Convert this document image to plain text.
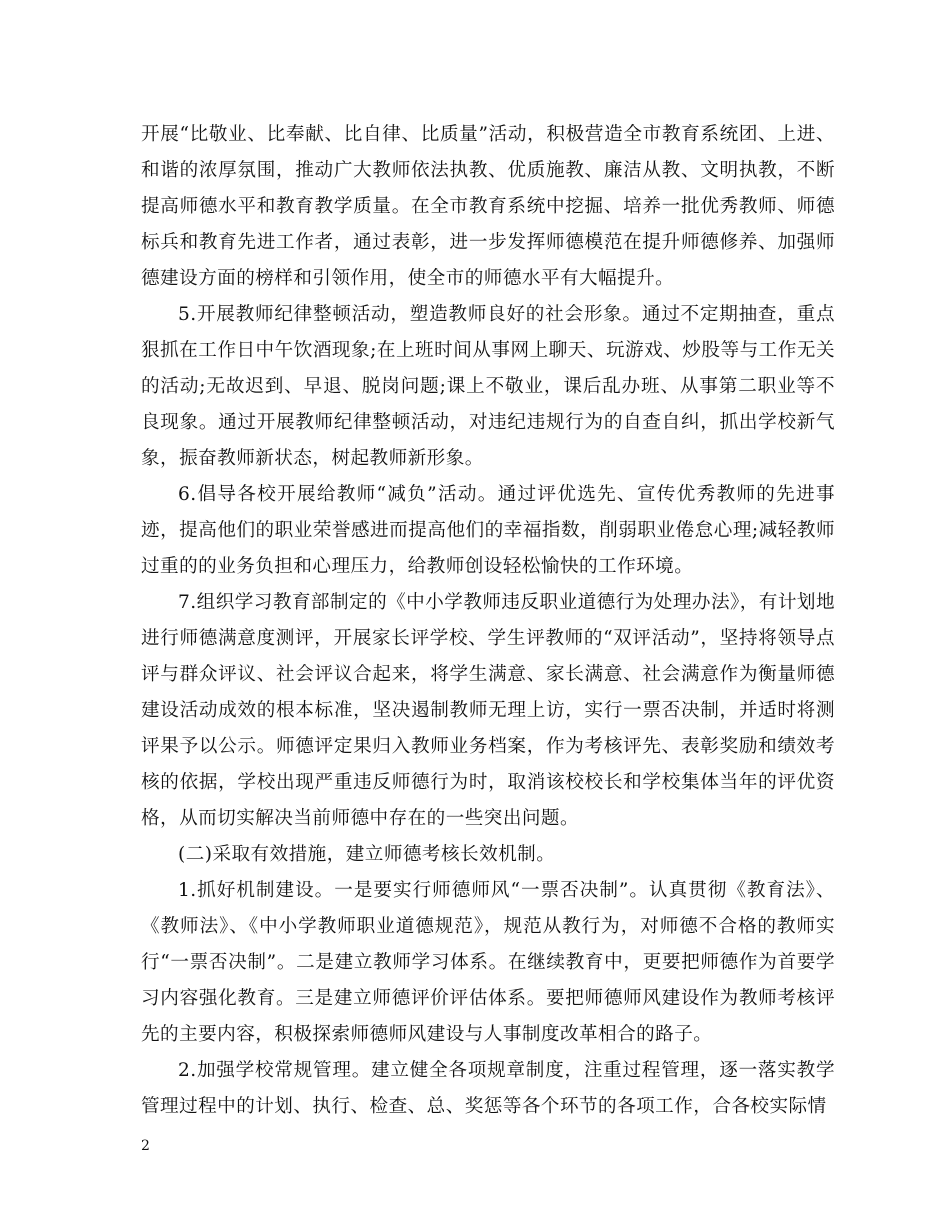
开展“比敬业、比奉献、比自律、比质量”活动，积极营造全市教育系统团、上进、和谐的浓厚氛围，推动广大教师依法执教、优质施教、廉洁从教、文明执教，不断提高师德水平和教育教学质量。在全市教育系统中挖掘、培养一批优秀教师、师德标兵和教育先进工作者，通过表彰，进一步发挥师德模范在提升师德修养、加强师德建设方面的榜样和引领作用，使全市的师德水平有大幅提升。

5.开展教师纪律整顿活动，塑造教师良好的社会形象。通过不定期抽查，重点狠抓在工作日中午饮酒现象;在上班时间从事网上聊天、玩游戏、炒股等与工作无关的活动;无故迟到、早退、脱岗问题;课上不敬业，课后乱办班、从事第二职业等不良现象。通过开展教师纪律整顿活动，对违纪违规行为的自查自纠，抓出学校新气象，振奋教师新状态，树起教师新形象。

6.倡导各校开展给教师“减负”活动。通过评优选先、宣传优秀教师的先进事迹，提高他们的职业荣誉感进而提高他们的幸福指数，削弱职业倦怠心理;减轻教师过重的的业务负担和心理压力，给教师创设轻松愉快的工作环境。

7.组织学习教育部制定的《中小学教师违反职业道德行为处理办法》，有计划地进行师德满意度测评，开展家长评学校、学生评教师的“双评活动”，坚持将领导点评与群众评议、社会评议合起来，将学生满意、家长满意、社会满意作为衡量师德建设活动成效的根本标准，坚决遏制教师无理上访，实行一票否决制，并适时将测评果予以公示。师德评定果归入教师业务档案，作为考核评先、表彰奖励和绩效考核的依据，学校出现严重违反师德行为时，取消该校校长和学校集体当年的评优资格，从而切实解决当前师德中存在的一些突出问题。

(二)采取有效措施，建立师德考核长效机制。

1.抓好机制建设。一是要实行师德师风“一票否决制”。认真贯彻《教育法》、《教师法》、《中小学教师职业道德规范》，规范从教行为，对师德不合格的教师实行“一票否决制”。二是建立教师学习体系。在继续教育中，更要把师德作为首要学习内容强化教育。三是建立师德评价评估体系。要把师德师风建设作为教师考核评先的主要内容，积极探索师德师风建设与人事制度改革相合的路子。

2.加强学校常规管理。建立健全各项规章制度，注重过程管理，逐一落实教学管理过程中的计划、执行、检查、总、奖惩等各个环节的各项工作，合各校实际情

2
